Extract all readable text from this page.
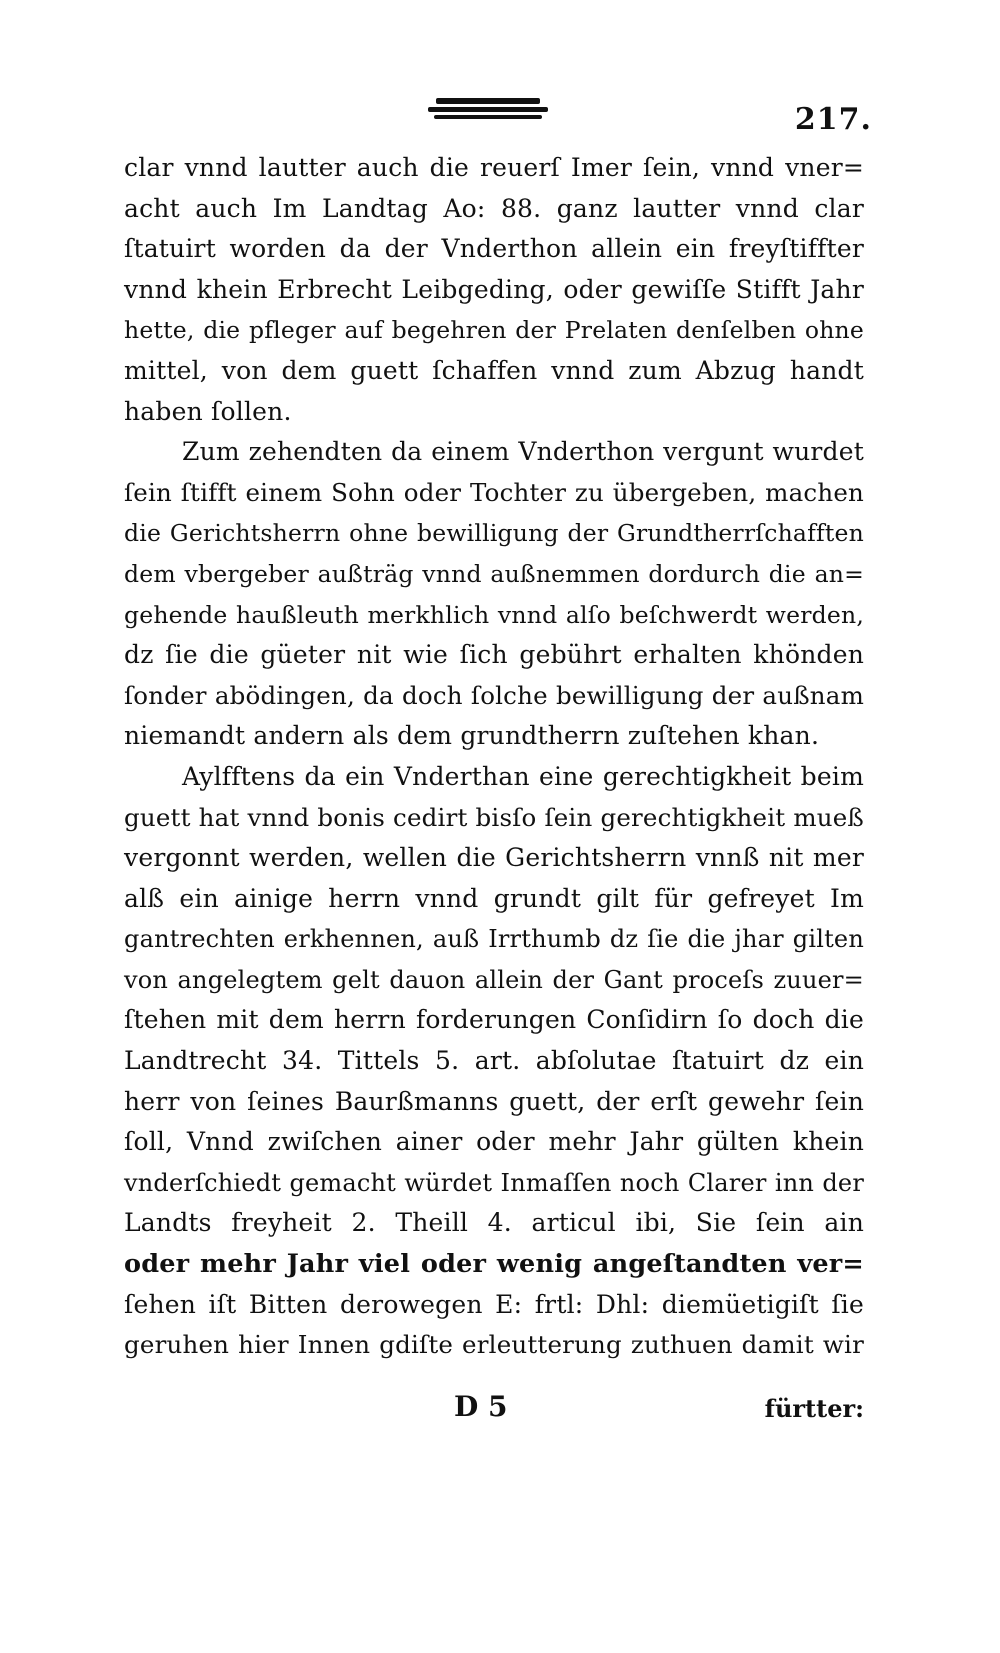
217.
clar vnnd lautter auch die reuerſ Imer ſein, vnnd vner=
acht auch Im Landtag Ao: 88. ganz lautter vnnd clar
ſtatuirt worden da der Vnderthon allein ein freyſtiffter
vnnd khein Erbrecht Leibgeding, oder gewiſſe Stifft Jahr
hette, die pfleger auf begehren der Prelaten denſelben ohne
mittel, von dem guett ſchaffen vnnd zum Abzug handt
haben ſollen.
Zum zehendten da einem Vnderthon vergunt wurdet
ſein ſtifft einem Sohn oder Tochter zu übergeben, machen
die Gerichtsherrn ohne bewilligung der Grundtherrſchafften
dem vbergeber außträg vnnd außnemmen dordurch die an=
gehende haußleuth merkhlich vnnd alſo beſchwerdt werden,
dz ſie die güeter nit wie ſich gebührt erhalten khönden
ſonder abödingen, da doch ſolche bewilligung der außnam
niemandt andern als dem grundtherrn zuſtehen khan.
Aylfftens da ein Vnderthan eine gerechtigkheit beim
guett hat vnnd bonis cedirt bisſo ſein gerechtigkheit mueß
vergonnt werden, wellen die Gerichtsherrn vnnß nit mer
alß ein ainige herrn vnnd grundt gilt für gefreyet Im
gantrechten erkhennen, auß Irrthumb dz ſie die jhar gilten
von angelegtem gelt dauon allein der Gant proceſs zuuer=
ſtehen mit dem herrn forderungen Conſidirn ſo doch die
Landtrecht 34. Tittels 5. art. abſolutae ſtatuirt dz ein
herr von ſeines Baurßmanns guett, der erſt gewehr ſein
ſoll, Vnnd zwiſchen ainer oder mehr Jahr gülten khein
vnderſchiedt gemacht würdet Inmaſſen noch Clarer inn der
Landts freyheit 2. Theill 4. articul ibi, Sie ſein ain
oder mehr Jahr viel oder wenig angeſtandten ver=
ſehen iſt Bitten derowegen E: frtl: Dhl: diemüetigiſt ſie
geruhen hier Innen gdiſte erleutterung zuthuen damit wir
D 5	fürtter:
